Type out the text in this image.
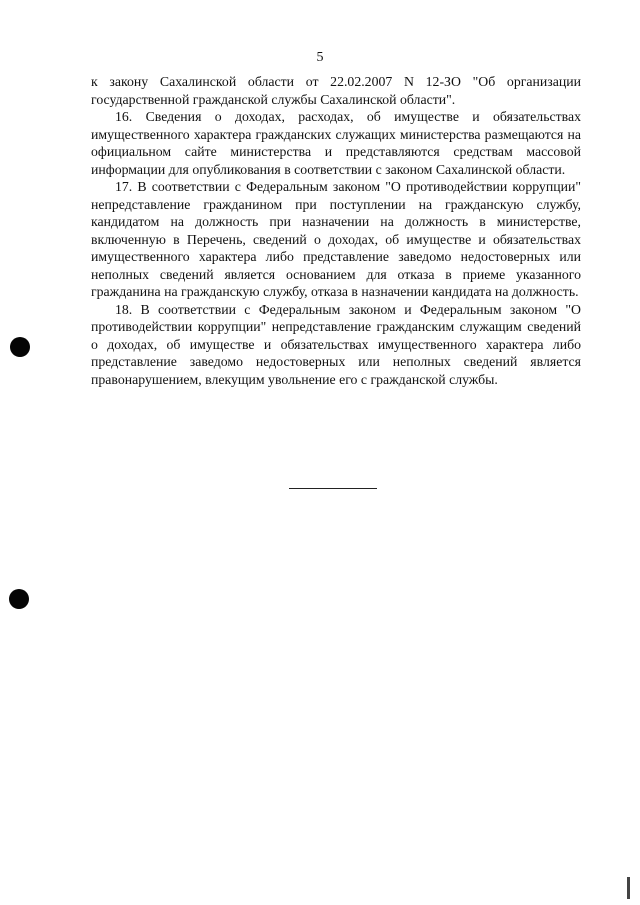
5

к закону Сахалинской области от 22.02.2007 N 12-ЗО "Об организации государственной гражданской службы Сахалинской области".

16. Сведения о доходах, расходах, об имуществе и обязательствах имущественного характера гражданских служащих министерства размещаются на официальном сайте министерства и представляются средствам массовой информации для опубликования в соответствии с законом Сахалинской области.

17. В соответствии с Федеральным законом "О противодействии коррупции" непредставление гражданином при поступлении на гражданскую службу, кандидатом на должность при назначении на должность в министерстве, включенную в Перечень, сведений о доходах, об имуществе и обязательствах имущественного характера либо представление заведомо недостоверных или неполных сведений является основанием для отказа в приеме указанного гражданина на гражданскую службу, отказа в назначении кандидата на должность.

18. В соответствии с Федеральным законом и Федеральным законом "О противодействии коррупции" непредставление гражданским служащим сведений о доходах, об имуществе и обязательствах имущественного характера либо представление заведомо недостоверных или неполных сведений является правонарушением, влекущим увольнение его с гражданской службы.
